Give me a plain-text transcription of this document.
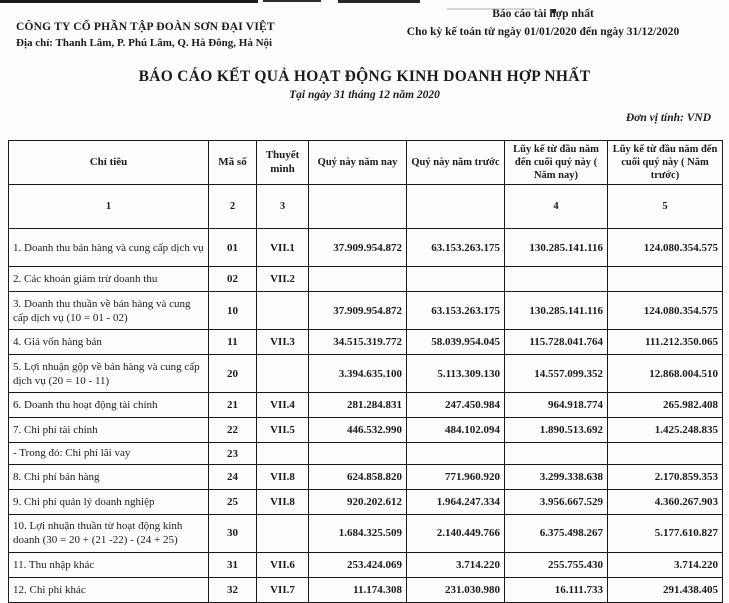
CÔNG TY CỔ PHẦN TẬP ĐOÀN SƠN ĐẠI VIỆT
Địa chỉ: Thanh Lâm, P. Phú Lâm, Q. Hà Đông, Hà Nội
Báo cáo tài hợp nhất
Cho kỳ kế toán từ ngày 01/01/2020 đến ngày 31/12/2020
BÁO CÁO KẾT QUẢ HOẠT ĐỘNG KINH DOANH HỢP NHẤT
Tại ngày 31 tháng 12 năm 2020
Đơn vị tính: VND
Chỉ tiêu	Mã số	Thuyết minh	Quý này năm nay	Quý này năm trước	Lũy kế từ đầu năm đến cuối quý này ( Năm nay)	Lũy kế từ đầu năm đến cuối quý này ( Năm trước)
1	2	3			4	5
1. Doanh thu bán hàng và cung cấp dịch vụ	01	VII.1	37.909.954.872	63.153.263.175	130.285.141.116	124.080.354.575
2. Các khoản giảm trừ doanh thu	02	VII.2				
3. Doanh thu thuần về bán hàng và cung cấp dịch vụ (10 = 01 - 02)	10		37.909.954.872	63.153.263.175	130.285.141.116	124.080.354.575
4. Giá vốn hàng bán	11	VII.3	34.515.319.772	58.039.954.045	115.728.041.764	111.212.350.065
5. Lợi nhuận gộp về bán hàng và cung cấp dịch vụ (20 = 10 - 11)	20		3.394.635.100	5.113.309.130	14.557.099.352	12.868.004.510
6. Doanh thu hoạt động tài chính	21	VII.4	281.284.831	247.450.984	964.918.774	265.982.408
7. Chi phí tài chính	22	VII.5	446.532.990	484.102.094	1.890.513.692	1.425.248.835
- Trong đó: Chi phí lãi vay	23					
8. Chi phí bán hàng	24	VII.8	624.858.820	771.960.920	3.299.338.638	2.170.859.353
9. Chi phí quản lý doanh nghiệp	25	VII.8	920.202.612	1.964.247.334	3.956.667.529	4.360.267.903
10. Lợi nhuận thuần từ hoạt động kinh doanh (30 = 20 + (21 -22) - (24 + 25)	30		1.684.325.509	2.140.449.766	6.375.498.267	5.177.610.827
11. Thu nhập khác	31	VII.6	253.424.069	3.714.220	255.755.430	3.714.220
12. Chi phí khác	32	VII.7	11.174.308	231.030.980	16.111.733	291.438.405
